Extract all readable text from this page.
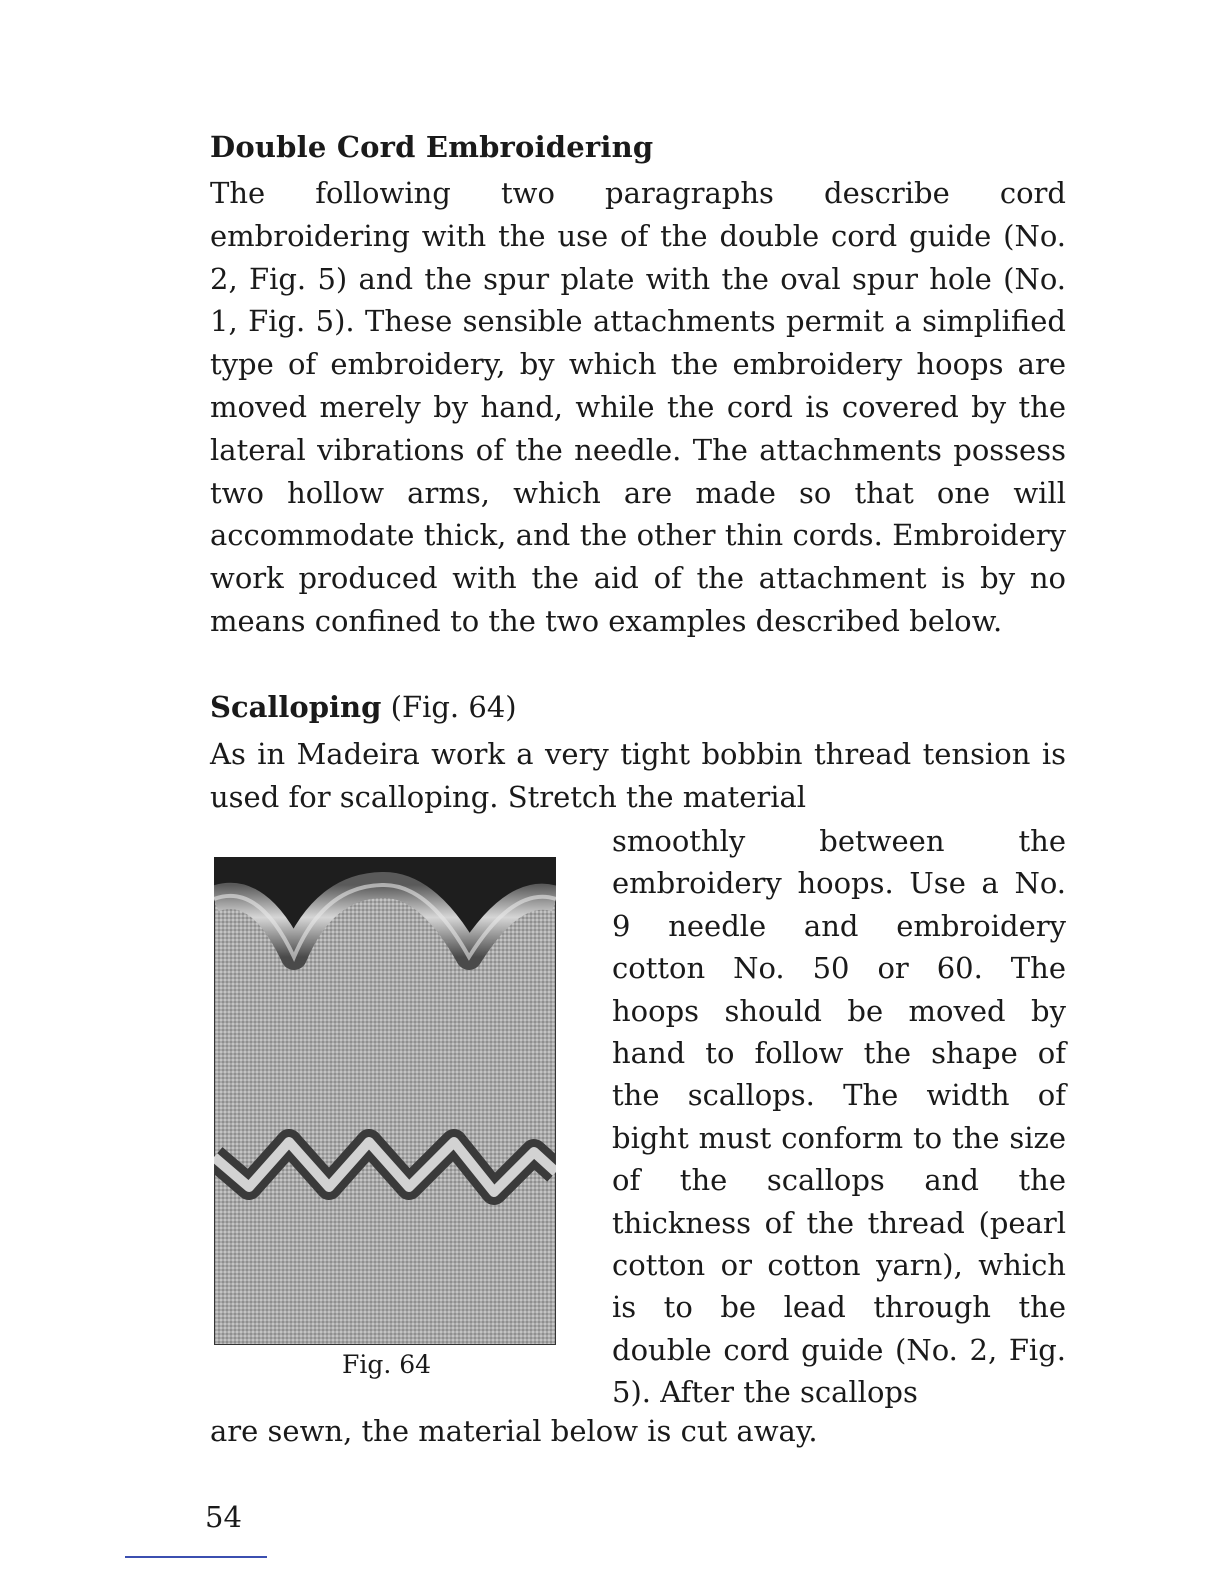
Double Cord Embroidering
The following two paragraphs describe cord embroidering with the use of the double cord guide (No. 2, Fig. 5) and the spur plate with the oval spur hole (No. 1, Fig. 5). These sensible attachments permit a simplified type of embroidery, by which the embroidery hoops are moved merely by hand, while the cord is covered by the lateral vibrations of the needle. The attachments possess two hollow arms, which are made so that one will accommodate thick, and the other thin cords. Embroidery work produced with the aid of the attachment is by no means confined to the two examples described below.
Scalloping (Fig. 64)
As in Madeira work a very tight bobbin thread tension is used for scalloping. Stretch the material
Fig. 64
smoothly between the embroidery hoops. Use a No. 9 needle and embroidery cotton No. 50 or 60. The hoops should be moved by hand to follow the shape of the scallops. The width of bight must conform to the size of the scallops and the thickness of the thread (pearl cotton or cotton yarn), which is to be lead through the double cord guide (No. 2, Fig. 5). After the scallops
are sewn, the material below is cut away.
54
